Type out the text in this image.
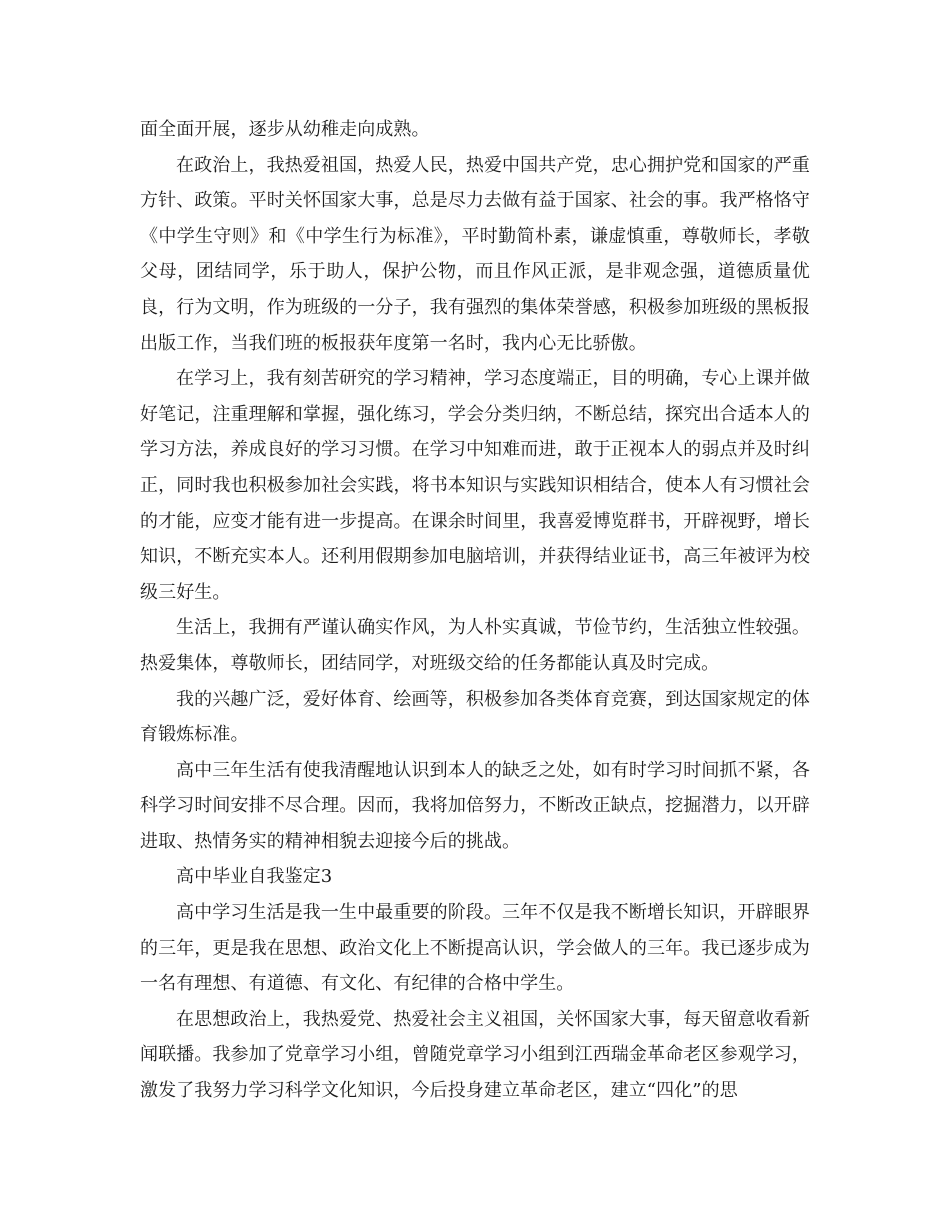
面全面开展，逐步从幼稚走向成熟。

在政治上，我热爱祖国，热爱人民，热爱中国共产党，忠心拥护党和国家的严重方针、政策。平时关怀国家大事，总是尽力去做有益于国家、社会的事。我严格恪守《中学生守则》和《中学生行为标准》，平时勤简朴素，谦虚慎重，尊敬师长，孝敬父母，团结同学，乐于助人，保护公物，而且作风正派，是非观念强，道德质量优良，行为文明，作为班级的一分子，我有强烈的集体荣誉感，积极参加班级的黑板报出版工作，当我们班的板报获年度第一名时，我内心无比骄傲。

在学习上，我有刻苦研究的学习精神，学习态度端正，目的明确，专心上课并做好笔记，注重理解和掌握，强化练习，学会分类归纳，不断总结，探究出合适本人的学习方法，养成良好的学习习惯。在学习中知难而进，敢于正视本人的弱点并及时纠正，同时我也积极参加社会实践，将书本知识与实践知识相结合，使本人有习惯社会的才能，应变才能有进一步提高。在课余时间里，我喜爱博览群书，开辟视野，增长知识，不断充实本人。还利用假期参加电脑培训，并获得结业证书，高三年被评为校级三好生。

生活上，我拥有严谨认确实作风，为人朴实真诚，节俭节约，生活独立性较强。热爱集体，尊敬师长，团结同学，对班级交给的任务都能认真及时完成。

我的兴趣广泛，爱好体育、绘画等，积极参加各类体育竞赛，到达国家规定的体育锻炼标准。

高中三年生活有使我清醒地认识到本人的缺乏之处，如有时学习时间抓不紧，各科学习时间安排不尽合理。因而，我将加倍努力，不断改正缺点，挖掘潜力，以开辟进取、热情务实的精神相貌去迎接今后的挑战。

高中毕业自我鉴定3

高中学习生活是我一生中最重要的阶段。三年不仅是我不断增长知识，开辟眼界的三年，更是我在思想、政治文化上不断提高认识，学会做人的三年。我已逐步成为一名有理想、有道德、有文化、有纪律的合格中学生。

在思想政治上，我热爱党、热爱社会主义祖国，关怀国家大事，每天留意收看新闻联播。我参加了党章学习小组，曾随党章学习小组到江西瑞金革命老区参观学习，激发了我努力学习科学文化知识，今后投身建立革命老区，建立“四化”的思
